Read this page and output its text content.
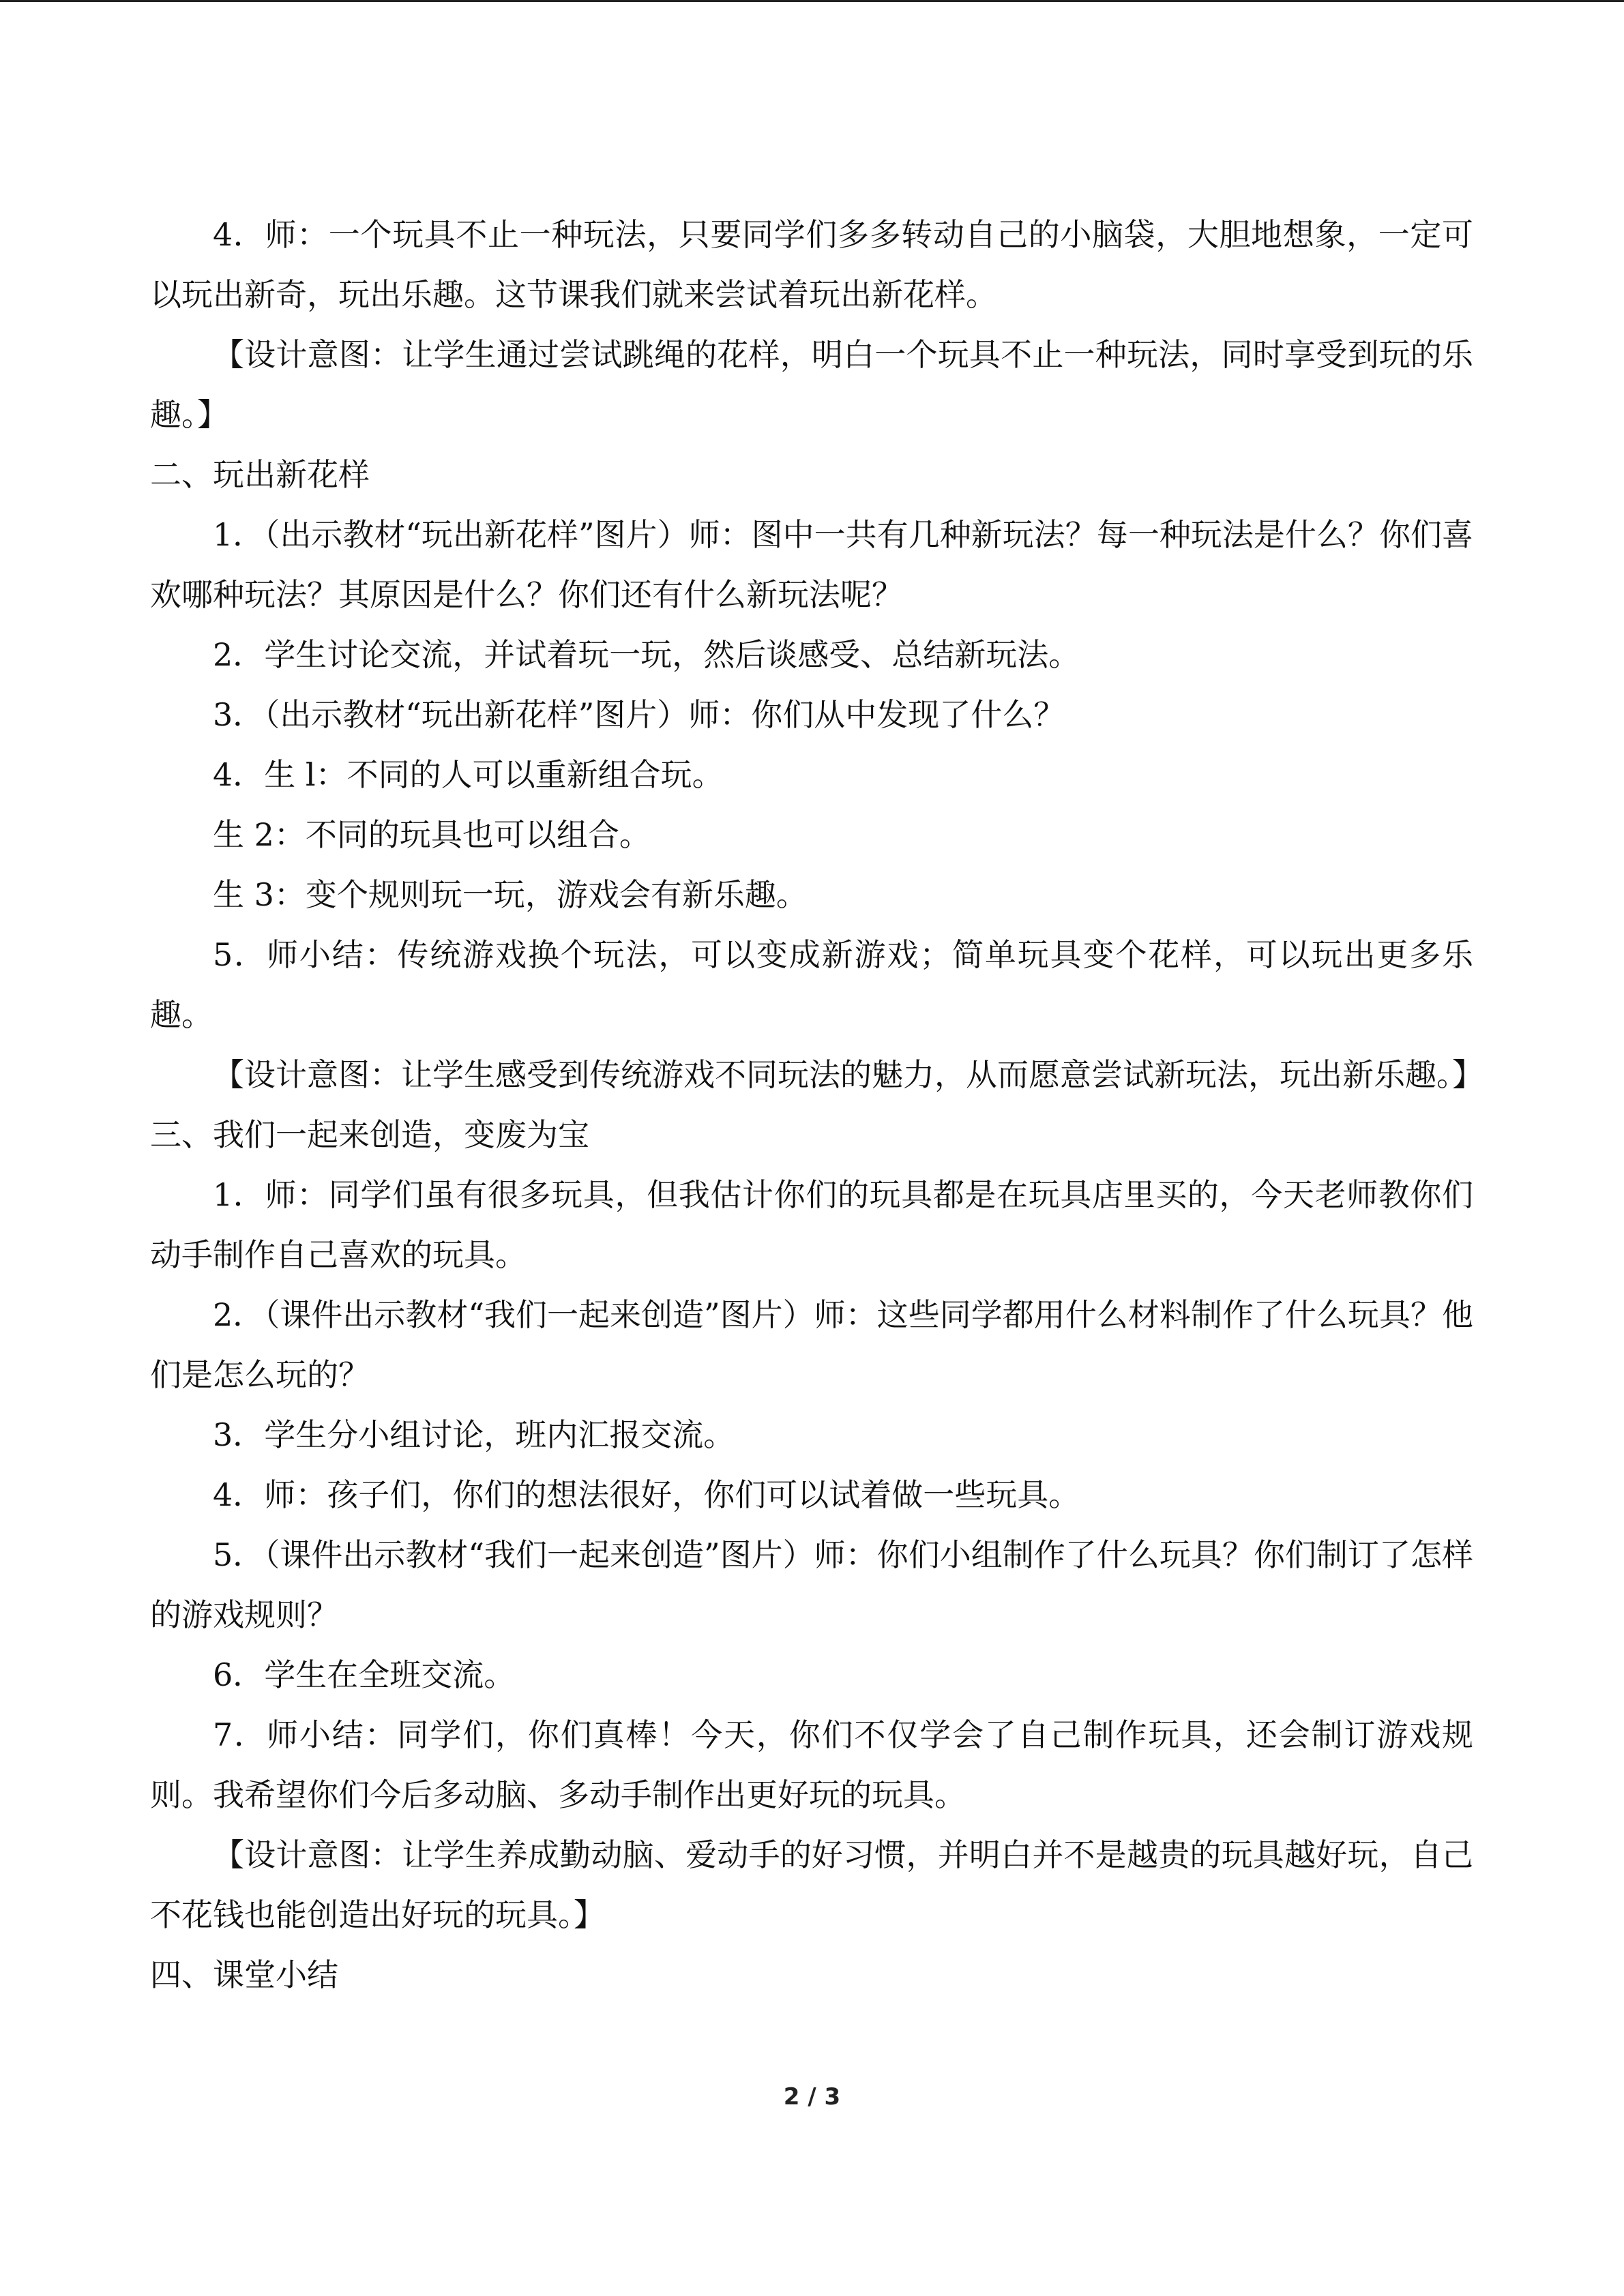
4．师：一个玩具不止一种玩法，只要同学们多多转动自己的小脑袋，大胆地想象，一定可以玩出新奇，玩出乐趣。这节课我们就来尝试着玩出新花样。

【设计意图：让学生通过尝试跳绳的花样，明白一个玩具不止一种玩法，同时享受到玩的乐趣。】

二、玩出新花样

1．（出示教材“玩出新花样”图片）师：图中一共有几种新玩法？每一种玩法是什么？你们喜欢哪种玩法？其原因是什么？你们还有什么新玩法呢？

2．学生讨论交流，并试着玩一玩，然后谈感受、总结新玩法。

3．（出示教材“玩出新花样”图片）师：你们从中发现了什么？

4．生 l：不同的人可以重新组合玩。

生 2：不同的玩具也可以组合。

生 3：变个规则玩一玩，游戏会有新乐趣。

5．师小结：传统游戏换个玩法，可以变成新游戏；简单玩具变个花样，可以玩出更多乐趣。

【设计意图：让学生感受到传统游戏不同玩法的魅力，从而愿意尝试新玩法，玩出新乐趣。】

三、我们一起来创造，变废为宝

1．师：同学们虽有很多玩具，但我估计你们的玩具都是在玩具店里买的，今天老师教你们动手制作自己喜欢的玩具。

2．（课件出示教材“我们一起来创造”图片）师：这些同学都用什么材料制作了什么玩具？他们是怎么玩的？

3．学生分小组讨论，班内汇报交流。

4．师：孩子们，你们的想法很好，你们可以试着做一些玩具。

5．（课件出示教材“我们一起来创造”图片）师：你们小组制作了什么玩具？你们制订了怎样的游戏规则？

6．学生在全班交流。

7．师小结：同学们，你们真棒！今天，你们不仅学会了自己制作玩具，还会制订游戏规则。我希望你们今后多动脑、多动手制作出更好玩的玩具。

【设计意图：让学生养成勤动脑、爱动手的好习惯，并明白并不是越贵的玩具越好玩，自己不花钱也能创造出好玩的玩具。】

四、课堂小结

2 / 3
